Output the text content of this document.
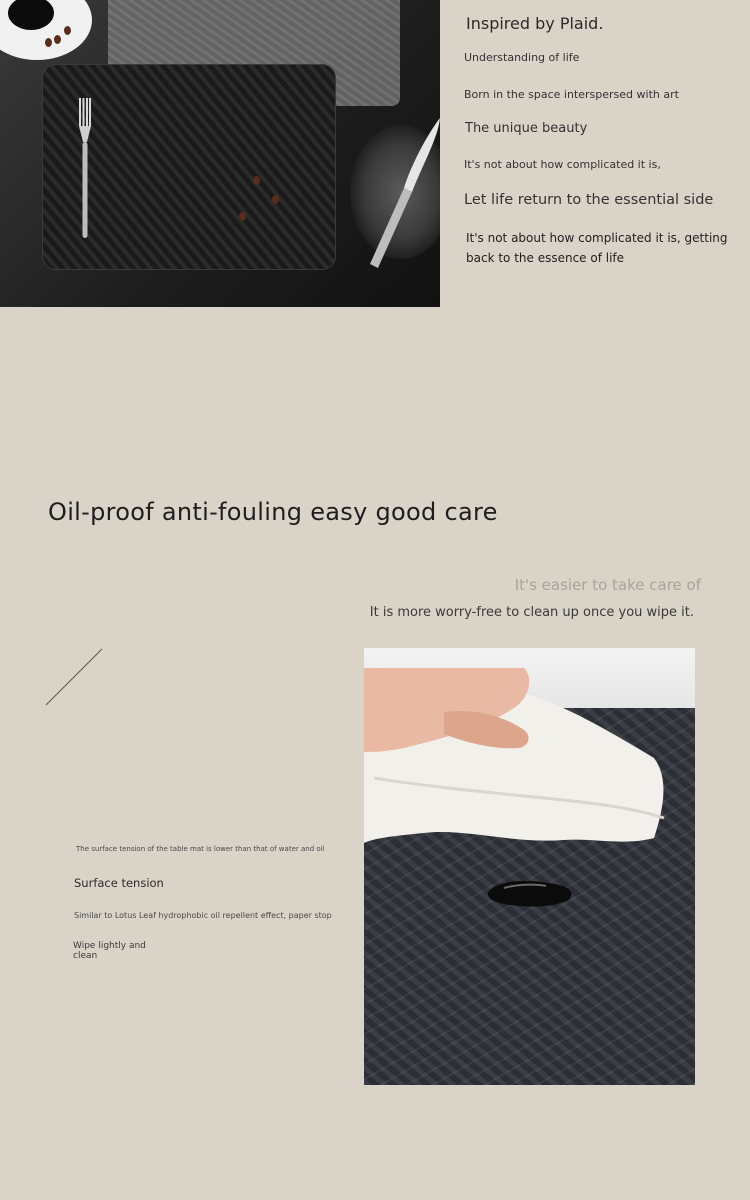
Inspired by Plaid.
Understanding of life
Born in the space interspersed with art
The unique beauty
It's not about how complicated it is,
Let life return to the essential side
It's not about how complicated it is, getting back to the essence of life
Oil-proof anti-fouling easy good care
It's easier to take care of
It is more worry-free to clean up once you wipe it.
The surface tension of the table mat is lower than that of water and oil
Surface tension
Similar to Lotus Leaf hydrophobic oil repellent effect, paper stop
Wipe lightly and clean
